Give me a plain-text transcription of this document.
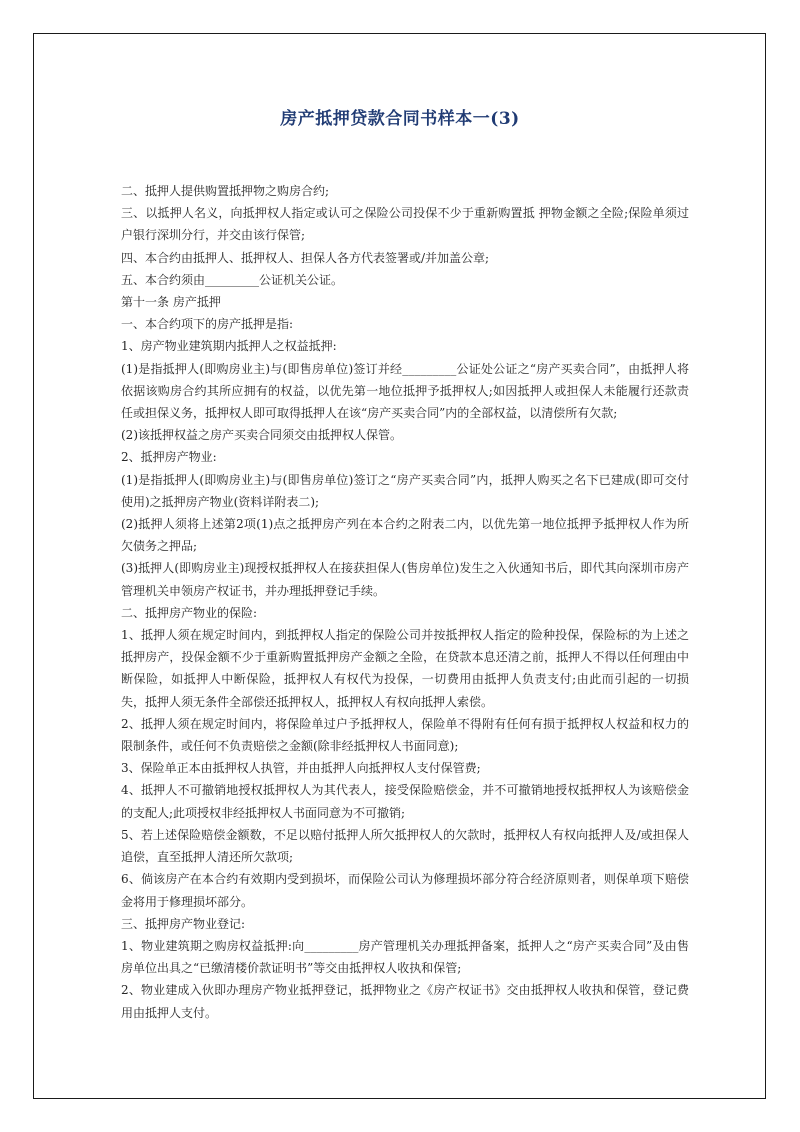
房产抵押贷款合同书样本一(3)

二、抵押人提供购置抵押物之购房合约;

三、以抵押人名义，向抵押权人指定或认可之保险公司投保不少于重新购置抵 押物金额之全险;保险单须过户银行深圳分行，并交由该行保管;

四、本合约由抵押人、抵押权人、担保人各方代表签署或/并加盖公章;

五、本合约须由_________公证机关公证。

第十一条 房产抵押

一、本合约项下的房产抵押是指:

1、房产物业建筑期内抵押人之权益抵押:

(1)是指抵押人(即购房业主)与(即售房单位)签订并经_________公证处公证之“房产买卖合同”，由抵押人将依据该购房合约其所应拥有的权益，以优先第一地位抵押予抵押权人;如因抵押人或担保人未能履行还款责任或担保义务，抵押权人即可取得抵押人在该“房产买卖合同”内的全部权益，以清偿所有欠款;

(2)该抵押权益之房产买卖合同须交由抵押权人保管。

2、抵押房产物业:

(1)是指抵押人(即购房业主)与(即售房单位)签订之“房产买卖合同”内，抵押人购买之名下已建成(即可交付使用)之抵押房产物业(资料详附表二);

(2)抵押人须将上述第2项(1)点之抵押房产列在本合约之附表二内，以优先第一地位抵押予抵押权人作为所欠债务之押品;

(3)抵押人(即购房业主)现授权抵押权人在接获担保人(售房单位)发生之入伙通知书后，即代其向深圳市房产管理机关申领房产权证书，并办理抵押登记手续。

二、抵押房产物业的保险:

1、抵押人须在规定时间内，到抵押权人指定的保险公司并按抵押权人指定的险种投保，保险标的为上述之抵押房产，投保金额不少于重新购置抵押房产金额之全险，在贷款本息还清之前，抵押人不得以任何理由中断保险，如抵押人中断保险，抵押权人有权代为投保，一切费用由抵押人负责支付;由此而引起的一切损失，抵押人须无条件全部偿还抵押权人，抵押权人有权向抵押人索偿。

2、抵押人须在规定时间内，将保险单过户予抵押权人，保险单不得附有任何有损于抵押权人权益和权力的限制条件，或任何不负责赔偿之金额(除非经抵押权人书面同意);

3、保险单正本由抵押权人执管，并由抵押人向抵押权人支付保管费;

4、抵押人不可撤销地授权抵押权人为其代表人，接受保险赔偿金，并不可撤销地授权抵押权人为该赔偿金的支配人;此项授权非经抵押权人书面同意为不可撤销;

5、若上述保险赔偿金额数，不足以赔付抵押人所欠抵押权人的欠款时，抵押权人有权向抵押人及/或担保人追偿，直至抵押人清还所欠款项;

6、倘该房产在本合约有效期内受到损坏，而保险公司认为修理损坏部分符合经济原则者，则保单项下赔偿金将用于修理损坏部分。

三、抵押房产物业登记:

1、物业建筑期之购房权益抵押:向_________房产管理机关办理抵押备案，抵押人之“房产买卖合同”及由售房单位出具之“已缴清楼价款证明书”等交由抵押权人收执和保管;

2、物业建成入伙即办理房产物业抵押登记，抵押物业之《房产权证书》交由抵押权人收执和保管，登记费用由抵押人支付。
